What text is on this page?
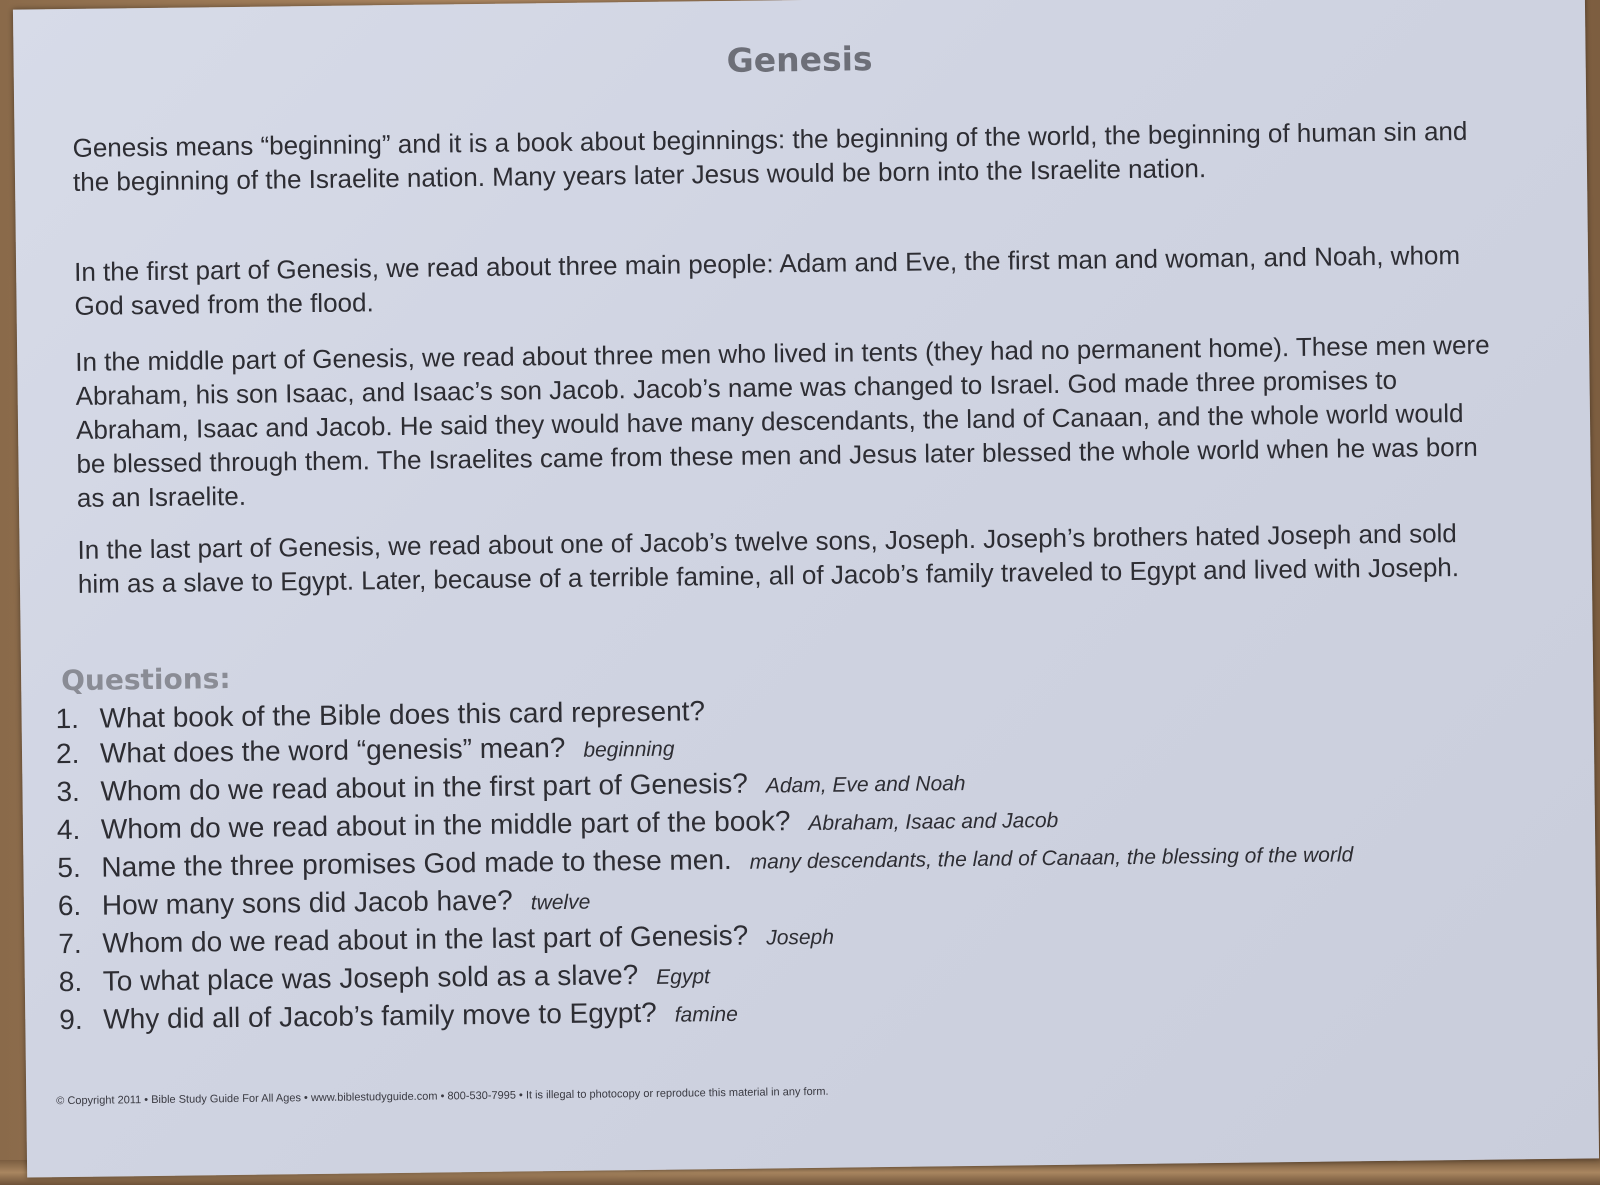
Genesis

Genesis means “beginning” and it is a book about beginnings: the beginning of the world, the beginning of human sin and the beginning of the Israelite nation. Many years later Jesus would be born into the Israelite nation.

In the first part of Genesis, we read about three main people: Adam and Eve, the first man and woman, and Noah, whom God saved from the flood.

In the middle part of Genesis, we read about three men who lived in tents (they had no permanent home). These men were Abraham, his son Isaac, and Isaac’s son Jacob. Jacob’s name was changed to Israel. God made three promises to Abraham, Isaac and Jacob. He said they would have many descendants, the land of Canaan, and the whole world would be blessed through them. The Israelites came from these men and Jesus later blessed the whole world when he was born as an Israelite.

In the last part of Genesis, we read about one of Jacob’s twelve sons, Joseph. Joseph’s brothers hated Joseph and sold him as a slave to Egypt. Later, because of a terrible famine, all of Jacob’s family traveled to Egypt and lived with Joseph.

Questions:
1. What book of the Bible does this card represent?
2. What does the word “genesis” mean? beginning
3. Whom do we read about in the first part of Genesis? Adam, Eve and Noah
4. Whom do we read about in the middle part of the book? Abraham, Isaac and Jacob
5. Name the three promises God made to these men. many descendants, the land of Canaan, the blessing of the world
6. How many sons did Jacob have? twelve
7. Whom do we read about in the last part of Genesis? Joseph
8. To what place was Joseph sold as a slave? Egypt
9. Why did all of Jacob’s family move to Egypt? famine
© Copyright 2011 • Bible Study Guide For All Ages • www.biblestudyguide.com • 800-530-7995 • It is illegal to photocopy or reproduce this material in any form.
